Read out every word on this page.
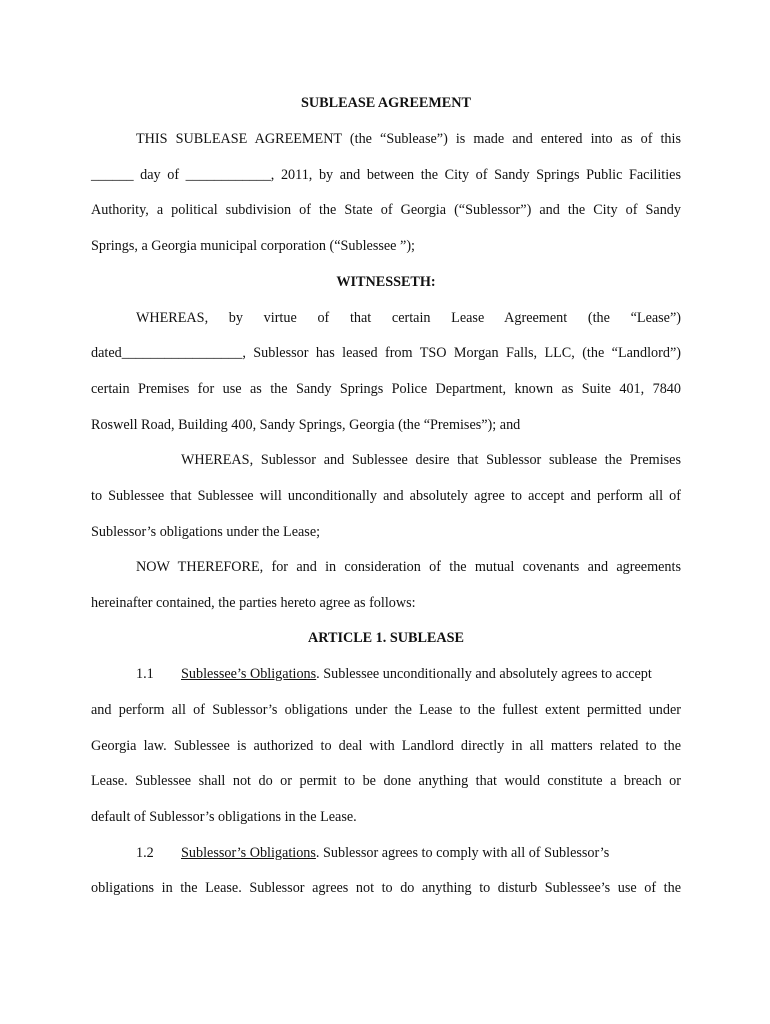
SUBLEASE AGREEMENT
THIS SUBLEASE AGREEMENT (the “Sublease”) is made and entered into as of this
______ day of ____________, 2011, by and between the City of Sandy Springs Public Facilities
Authority, a political subdivision of the State of Georgia (“Sublessor”) and the City of Sandy
Springs, a Georgia municipal corporation (“Sublessee ”);
WITNESSETH:
WHEREAS, by virtue of that certain Lease Agreement (the “Lease”)
dated_________________, Sublessor has leased from TSO Morgan Falls, LLC, (the “Landlord”)
certain Premises for use as the Sandy Springs Police Department, known as Suite 401, 7840
Roswell Road, Building 400, Sandy Springs, Georgia (the “Premises”); and
WHEREAS, Sublessor and Sublessee desire that Sublessor sublease the Premises
to Sublessee that Sublessee will unconditionally and absolutely agree to accept and perform all of
Sublessor’s obligations under the Lease;
NOW THEREFORE, for and in consideration of the mutual covenants and agreements
hereinafter contained, the parties hereto agree as follows:
ARTICLE 1. SUBLEASE
1.1 Sublessee’s Obligations. Sublessee unconditionally and absolutely agrees to accept
and perform all of Sublessor’s obligations under the Lease to the fullest extent permitted under
Georgia law. Sublessee is authorized to deal with Landlord directly in all matters related to the
Lease. Sublessee shall not do or permit to be done anything that would constitute a breach or
default of Sublessor’s obligations in the Lease.
1.2 Sublessor’s Obligations. Sublessor agrees to comply with all of Sublessor’s
obligations in the Lease. Sublessor agrees not to do anything to disturb Sublessee’s use of the
